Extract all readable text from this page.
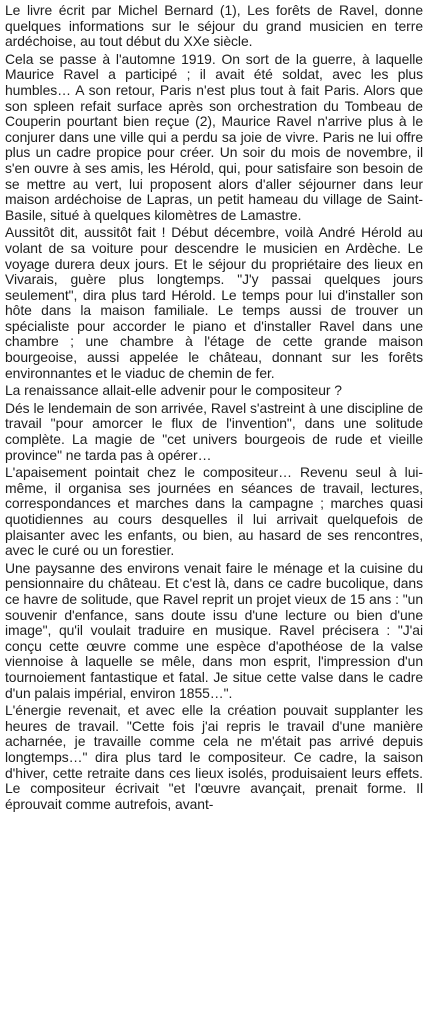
Le livre écrit par Michel Bernard (1), Les forêts de Ravel, donne quelques informations sur le séjour du grand musicien en terre ardéchoise, au tout début du XXe siècle.

Cela se passe à l'automne 1919. On sort de la guerre, à laquelle Maurice Ravel a participé ; il avait été soldat, avec les plus humbles… A son retour, Paris n'est plus tout à fait Paris. Alors que son spleen refait surface après son orchestration du Tombeau de Couperin pourtant bien reçue (2), Maurice Ravel n'arrive plus à le conjurer dans une ville qui a perdu sa joie de vivre. Paris ne lui offre plus un cadre propice pour créer. Un soir du mois de novembre, il s'en ouvre à ses amis, les Hérold, qui, pour satisfaire son besoin de se mettre au vert, lui proposent alors d'aller séjourner dans leur maison ardéchoise de Lapras, un petit hameau du village de Saint-Basile, situé à quelques kilomètres de Lamastre.

Aussitôt dit, aussitôt fait ! Début décembre, voilà André Hérold au volant de sa voiture pour descendre le musicien en Ardèche. Le voyage durera deux jours. Et le séjour du propriétaire des lieux en Vivarais, guère plus longtemps. "J'y passai quelques jours seulement", dira plus tard Hérold. Le temps pour lui d'installer son hôte dans la maison familiale. Le temps aussi de trouver un spécialiste pour accorder le piano et d'installer Ravel dans une chambre ; une chambre à l'étage de cette grande maison bourgeoise, aussi appelée le château, donnant sur les forêts environnantes et le viaduc de chemin de fer.

La renaissance allait-elle advenir pour le compositeur ?

Dés le lendemain de son arrivée, Ravel s'astreint à une discipline de travail "pour amorcer le flux de l'invention", dans une solitude complète. La magie de "cet univers bourgeois de rude et vieille province" ne tarda pas à opérer…

L'apaisement pointait chez le compositeur… Revenu seul à lui-même, il organisa ses journées en séances de travail, lectures, correspondances et marches dans la campagne ; marches quasi quotidiennes au cours desquelles il lui arrivait quelquefois de plaisanter avec les enfants, ou bien, au hasard de ses rencontres, avec le curé ou un forestier.

Une paysanne des environs venait faire le ménage et la cuisine du pensionnaire du château. Et c'est là, dans ce cadre bucolique, dans ce havre de solitude, que Ravel reprit un projet vieux de 15 ans : "un souvenir d'enfance, sans doute issu d'une lecture ou bien d'une image", qu'il voulait traduire en musique. Ravel précisera : "J'ai conçu cette œuvre comme une espèce d'apothéose de la valse viennoise à laquelle se mêle, dans mon esprit, l'impression d'un tournoiement fantastique et fatal. Je situe cette valse dans le cadre d'un palais impérial, environ 1855…".

L'énergie revenait, et avec elle la création pouvait supplanter les heures de travail. "Cette fois j'ai repris le travail d'une manière acharnée, je travaille comme cela ne m'était pas arrivé depuis longtemps…" dira plus tard le compositeur. Ce cadre, la saison d'hiver, cette retraite dans ces lieux isolés, produisaient leurs effets. Le compositeur écrivait "et l'œuvre avançait, prenait forme. Il éprouvait comme autrefois, avant-
